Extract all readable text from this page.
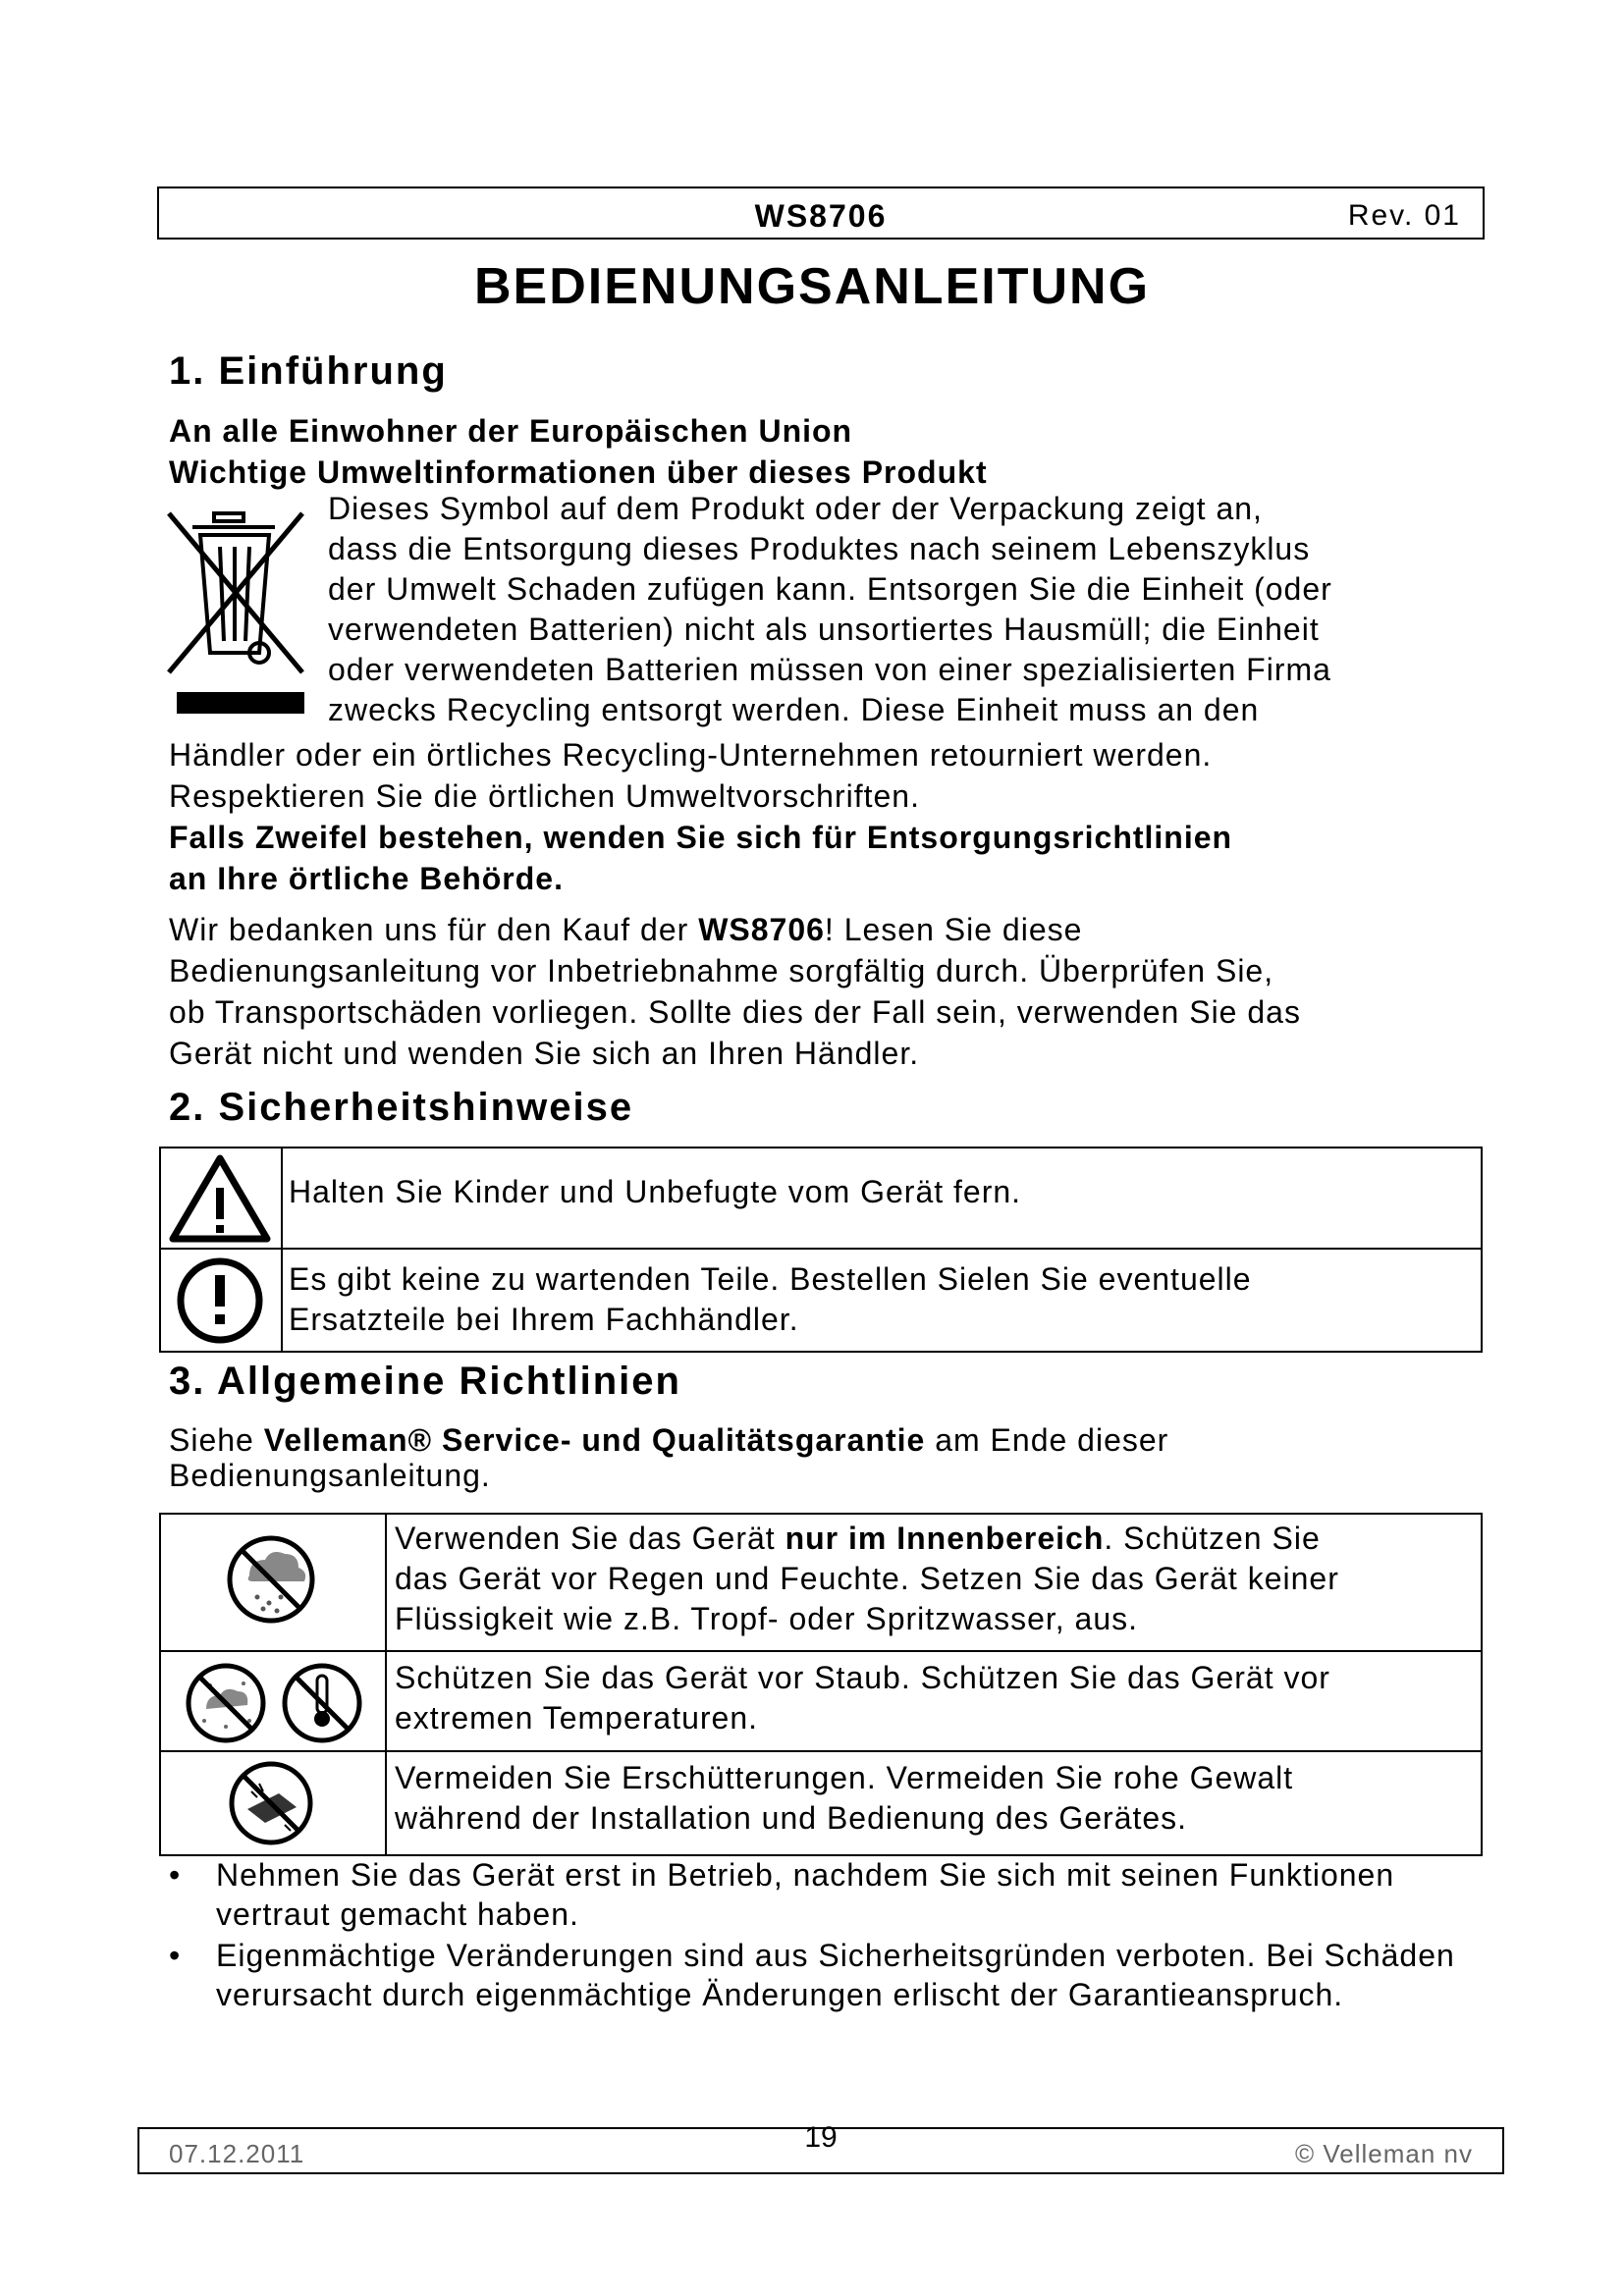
WS8706	Rev. 01
BEDIENUNGSANLEITUNG
1. Einführung
An alle Einwohner der Europäischen Union
Wichtige Umweltinformationen über dieses Produkt
Dieses Symbol auf dem Produkt oder der Verpackung zeigt an,
dass die Entsorgung dieses Produktes nach seinem Lebenszyklus
der Umwelt Schaden zufügen kann. Entsorgen Sie die Einheit (oder
verwendeten Batterien) nicht als unsortiertes Hausmüll; die Einheit
oder verwendeten Batterien müssen von einer spezialisierten Firma
zwecks Recycling entsorgt werden. Diese Einheit muss an den
Händler oder ein örtliches Recycling-Unternehmen retourniert werden.
Respektieren Sie die örtlichen Umweltvorschriften.
Falls Zweifel bestehen, wenden Sie sich für Entsorgungsrichtlinien
an Ihre örtliche Behörde.
Wir bedanken uns für den Kauf der WS8706! Lesen Sie diese
Bedienungsanleitung vor Inbetriebnahme sorgfältig durch. Überprüfen Sie,
ob Transportschäden vorliegen. Sollte dies der Fall sein, verwenden Sie das
Gerät nicht und wenden Sie sich an Ihren Händler.
2. Sicherheitshinweise
Halten Sie Kinder und Unbefugte vom Gerät fern.
Es gibt keine zu wartenden Teile. Bestellen Sielen Sie eventuelle
Ersatzteile bei Ihrem Fachhändler.
3. Allgemeine Richtlinien
Siehe Velleman® Service- und Qualitätsgarantie am Ende dieser
Bedienungsanleitung.
Verwenden Sie das Gerät nur im Innenbereich. Schützen Sie
das Gerät vor Regen und Feuchte. Setzen Sie das Gerät keiner
Flüssigkeit wie z.B. Tropf- oder Spritzwasser, aus.
Schützen Sie das Gerät vor Staub. Schützen Sie das Gerät vor
extremen Temperaturen.
Vermeiden Sie Erschütterungen. Vermeiden Sie rohe Gewalt
während der Installation und Bedienung des Gerätes.
• Nehmen Sie das Gerät erst in Betrieb, nachdem Sie sich mit seinen Funktionen vertraut gemacht haben.
• Eigenmächtige Veränderungen sind aus Sicherheitsgründen verboten. Bei Schäden verursacht durch eigenmächtige Änderungen erlischt der Garantieanspruch.
07.12.2011	19	© Velleman nv
